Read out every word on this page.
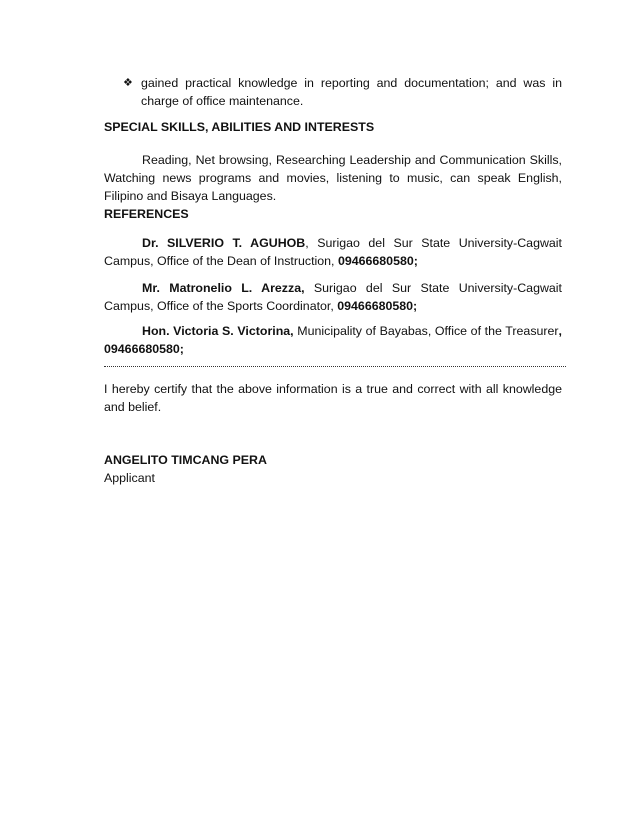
❖ gained practical knowledge in reporting and documentation; and was in charge of office maintenance.
SPECIAL SKILLS, ABILITIES AND INTERESTS
Reading, Net browsing, Researching Leadership and Communication Skills, Watching news programs and movies, listening to music, can speak English, Filipino and Bisaya Languages.
REFERENCES
Dr. SILVERIO T. AGUHOB, Surigao del Sur State University-Cagwait Campus, Office of the Dean of Instruction, 09466680580;
Mr. Matronelio L. Arezza, Surigao del Sur State University-Cagwait Campus, Office of the Sports Coordinator, 09466680580;
Hon. Victoria S. Victorina, Municipality of Bayabas, Office of the Treasurer, 09466680580;
I hereby certify that the above information is a true and correct with all knowledge and belief.
ANGELITO TIMCANG PERA
Applicant
